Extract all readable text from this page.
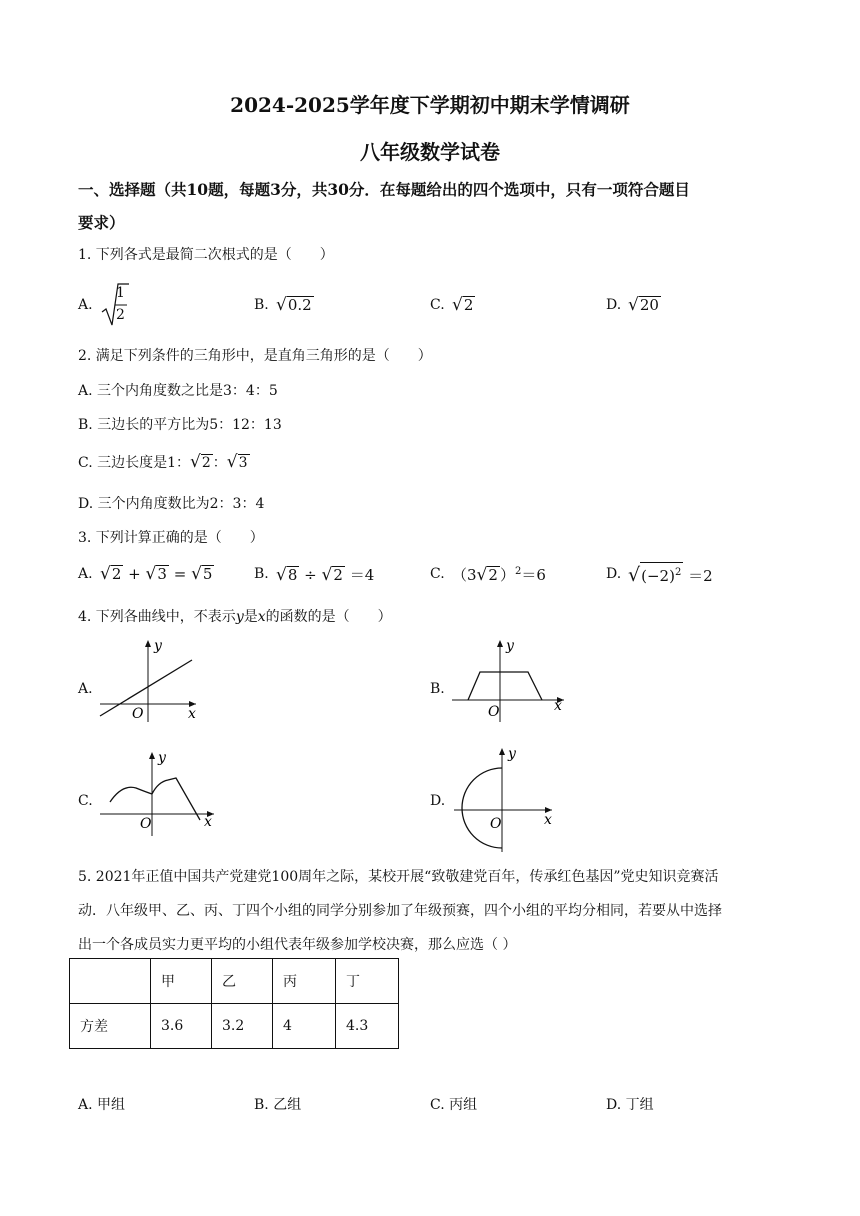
2024-2025学年度下学期初中期末学情调研
八年级数学试卷
一、选择题（共10题，每题3分，共30分．在每题给出的四个选项中，只有一项符合题目
要求）
1. 下列各式是最简二次根式的是（　　）
A.
1
2
B. √0.2	C. √2	D. √20
2. 满足下列条件的三角形中，是直角三角形的是（　　）
A. 三个内角度数之比是3：4：5
B. 三边长的平方比为5：12：13
C. 三边长度是1：√2 ：√3
D. 三个内角度数比为2：3：4
3. 下列计算正确的是（　　）
A. √2 + √3 = √5	B. √8 ÷ √2 ＝4	C. （3√2 ）$^2$＝6	D. $√(-2)^2 =2$
4. 下列各曲线中，不表示y是x的函数的是（　　）
A.
y
x
O
B.
y
x
O
C.
y
x
O
D.
y
x
O
5. 2021年正值中国共产党建党100周年之际，某校开展“致敬建党百年，传承红色基因”党史知识竞赛活
动．八年级甲、乙、丙、丁四个小组的同学分别参加了年级预赛，四个小组的平均分相同，若要从中选择
出一个各成员实力更平均的小组代表年级参加学校决赛，那么应选（ ）
	甲	乙	丙	丁
方差	3.6	3.2	4	4.3
A. 甲组	B. 乙组	C. 丙组	D. 丁组
